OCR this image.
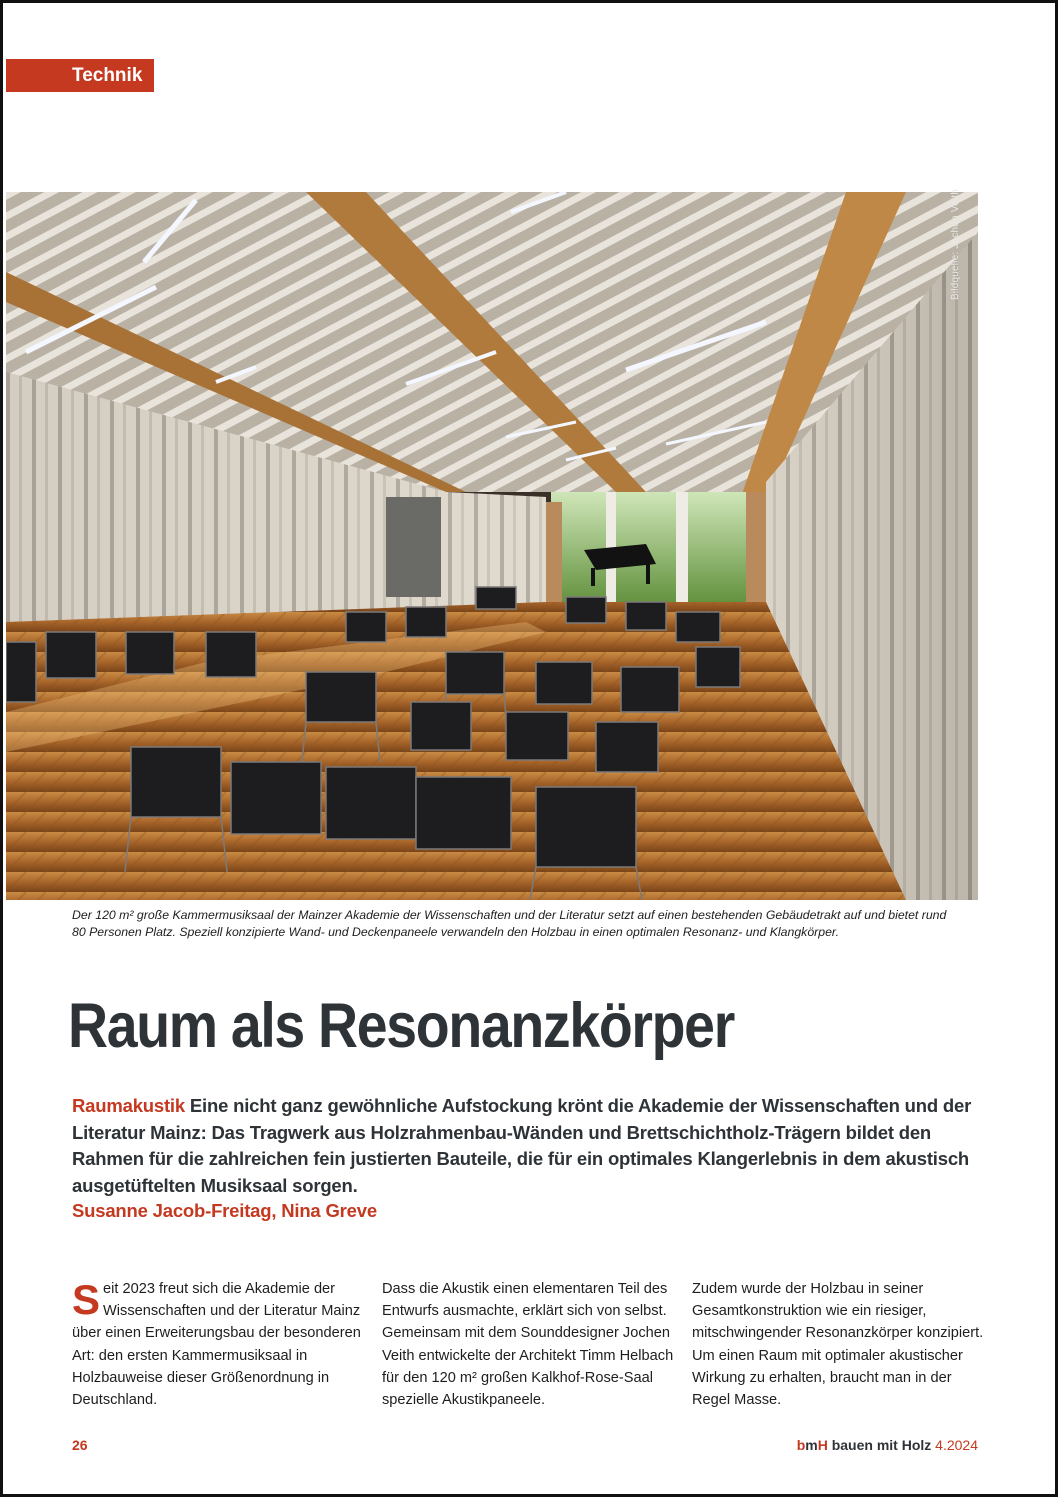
Technik
Bildquelle: Jochen Veith
Der 120 m² große Kammermusiksaal der Mainzer Akademie der Wissenschaften und der Literatur setzt auf einen bestehenden Gebäudetrakt auf und bietet rund 80 Personen Platz. Speziell konzipierte Wand- und Deckenpaneele verwandeln den Holzbau in einen optimalen Resonanz- und Klangkörper.
Raum als Resonanzkörper
Raumakustik Eine nicht ganz gewöhnliche Aufstockung krönt die Akademie der Wissenschaften und der Literatur Mainz: Das Tragwerk aus Holzrahmenbau-Wänden und Brettschichtholz-Trägern bildet den Rahmen für die zahlreichen fein justierten Bauteile, die für ein optimales Klangerlebnis in dem akustisch ausgetüftelten Musiksaal sorgen.
Susanne Jacob-Freitag, Nina Greve
Seit 2023 freut sich die Akademie der Wissenschaften und der Literatur Mainz über einen Erweiterungsbau der besonderen Art: den ersten Kammermusiksaal in Holzbauweise dieser Größenordnung in Deutschland.
Dass die Akustik einen elementaren Teil des Entwurfs ausmachte, erklärt sich von selbst. Gemeinsam mit dem Sounddesigner Jochen Veith entwickelte der Architekt Timm Helbach für den 120 m² großen Kalkhof-Rose-Saal spezielle Akustikpaneele.
Zudem wurde der Holzbau in seiner Gesamtkonstruktion wie ein riesiger, mitschwingender Resonanzkörper konzipiert. Um einen Raum mit optimaler akustischer Wirkung zu erhalten, braucht man in der Regel Masse.
26	bmH bauen mit Holz 4.2024
